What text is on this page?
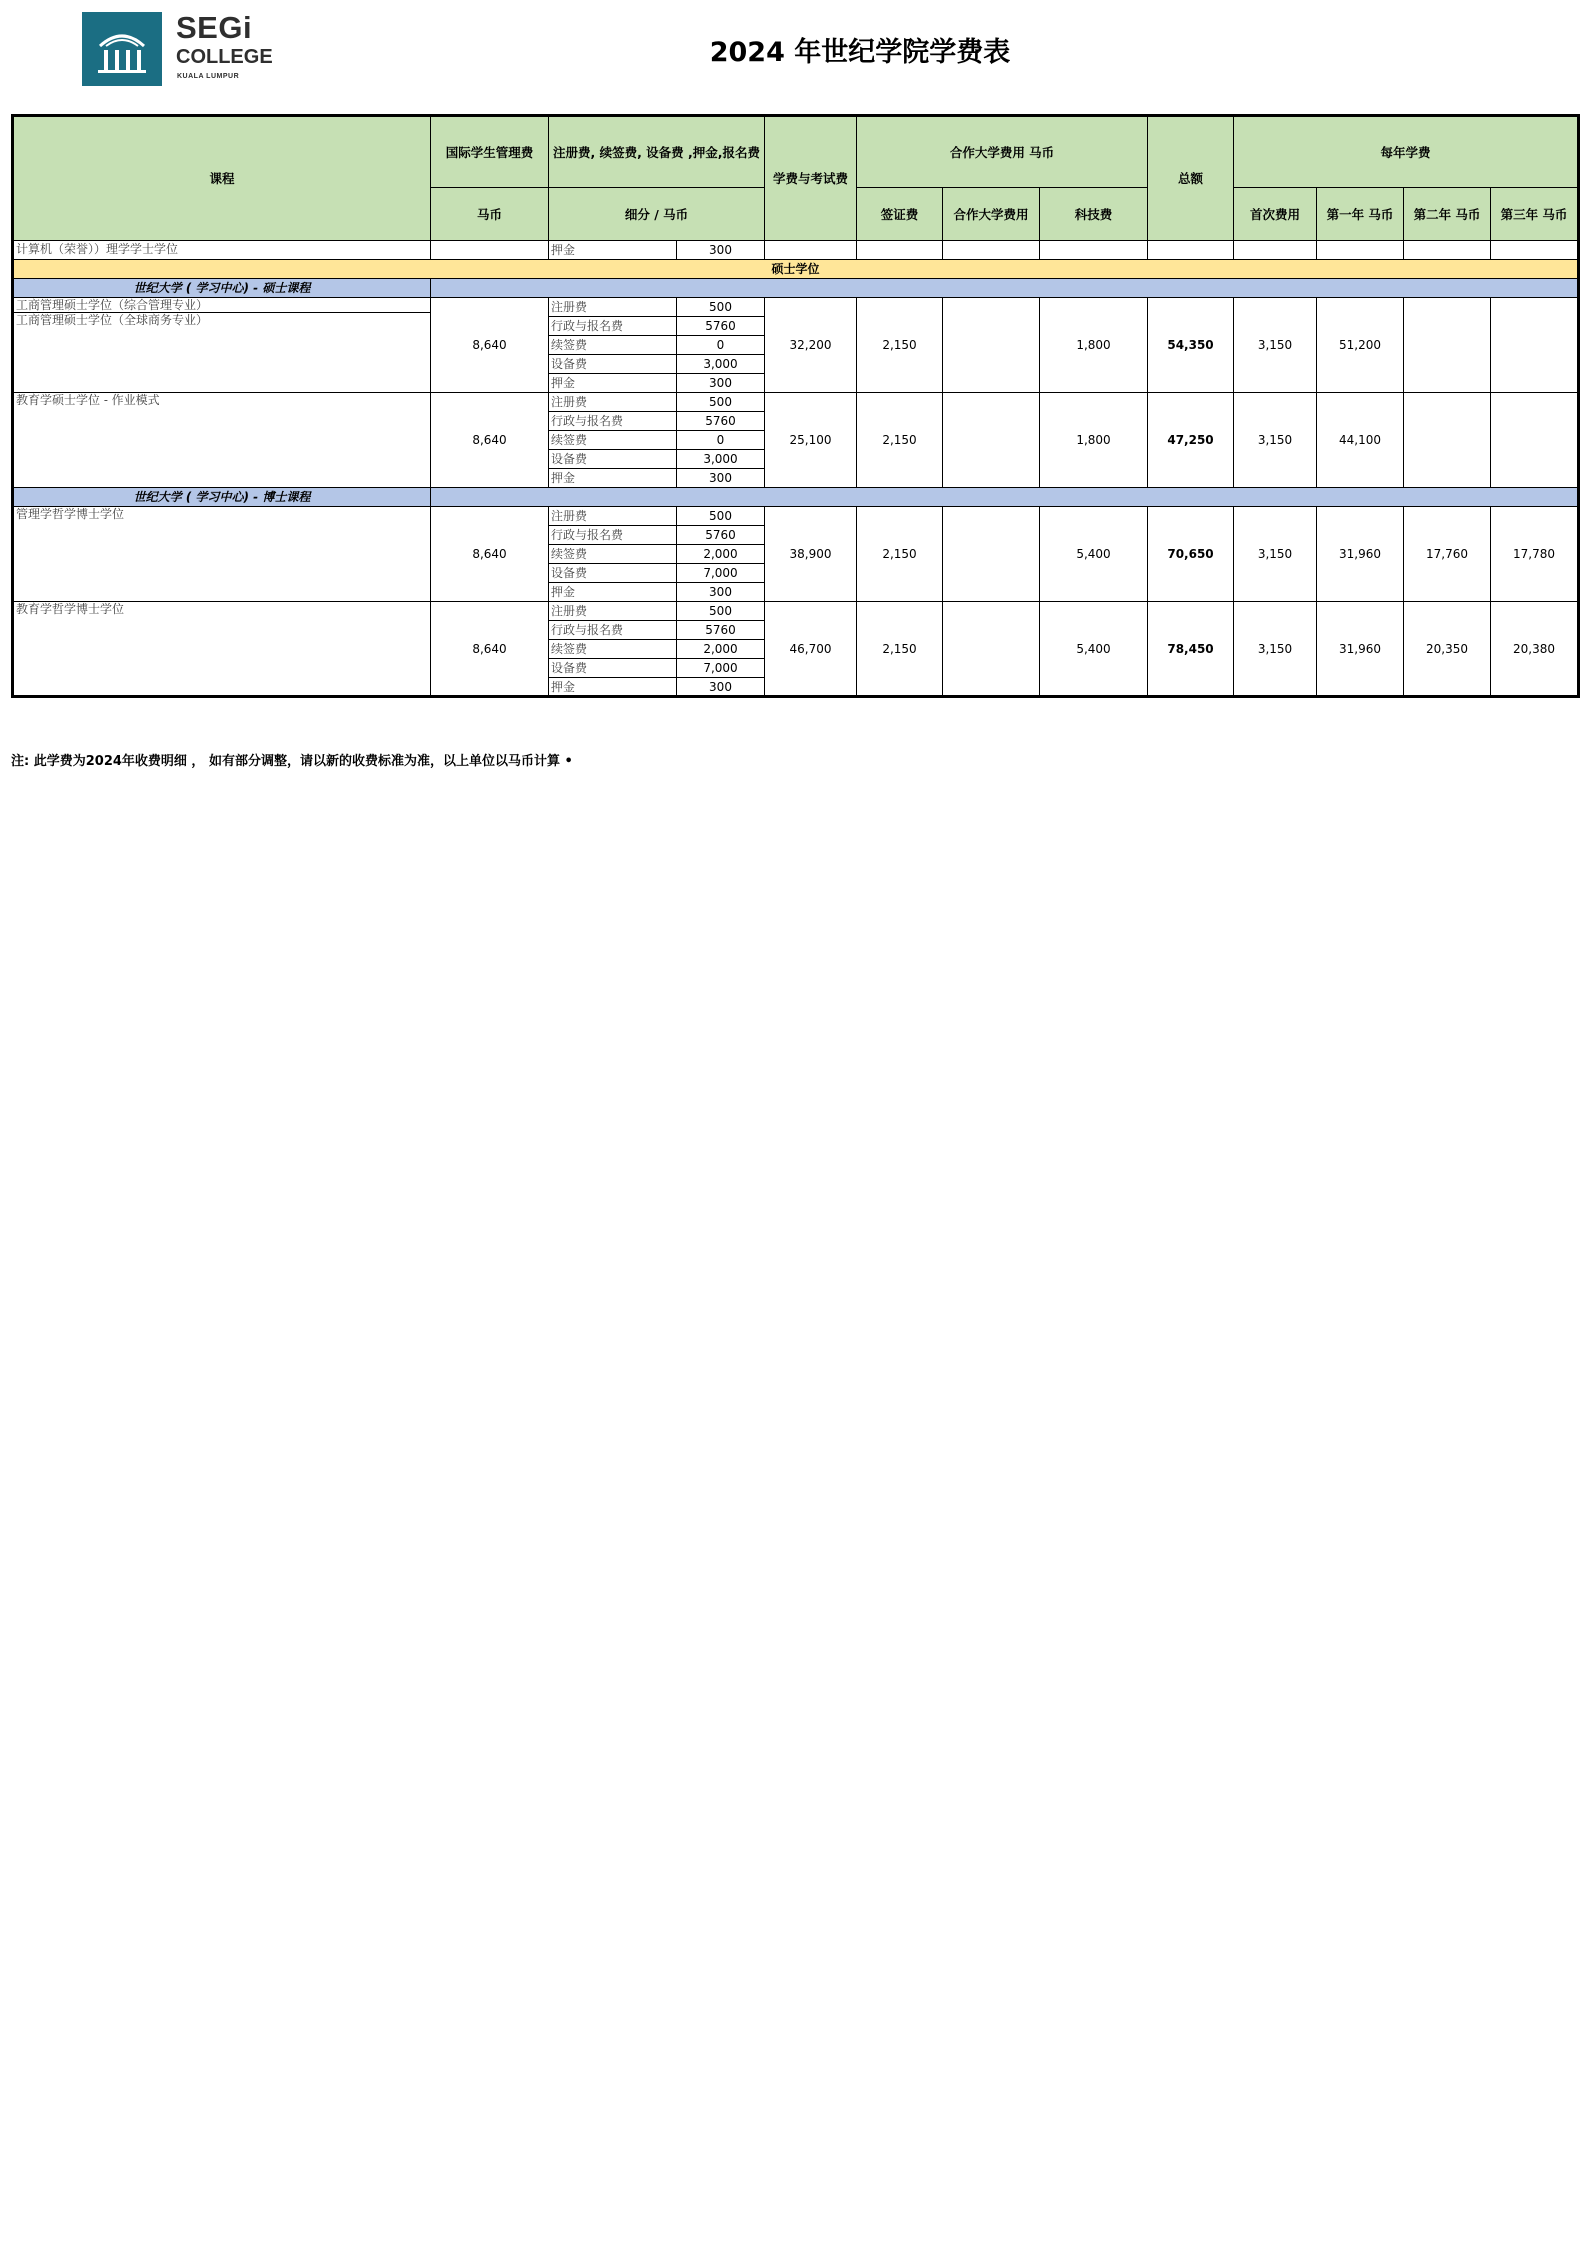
SEGi
COLLEGE
KUALA LUMPUR
2024 年世纪学院学费表
课程	国际学生管理费	注册费, 续签费, 设备费 ,押金,报名费		学费与考试费	合作大学费用 马币			总额	每年学费			
	马币	细分 / 马币			签证费	合作大学费用	科技费		首次费用	第一年 马币	第二年 马币	第三年 马币
计算机（荣誉））理学学士学位		押金	300									
硕士学位												
世纪大学 ( 学习中心) - 硕士课程												

工商管理硕士学位（综合管理专业）
工商管理硕士学位（全球商务专业）	8,640	注册费	500	32,200	2,150		1,800	54,350	3,150	51,200		
		行政与报名费	5760									
		续签费	0									
		设备费	3,000									
		押金	300									
教育学硕士学位 - 作业模式	8,640	注册费	500	25,100	2,150		1,800	47,250	3,150	44,100		
		行政与报名费	5760									
		续签费	0									
		设备费	3,000									
		押金	300									
世纪大学 ( 学习中心) - 博士课程												
管理学哲学博士学位	8,640	注册费	500	38,900	2,150		5,400	70,650	3,150	31,960	17,760	17,780
		行政与报名费	5760									
		续签费	2,000									
		设备费	7,000									
		押金	300									
教育学哲学博士学位	8,640	注册费	500	46,700	2,150		5,400	78,450	3,150	31,960	20,350	20,380
		行政与报名费	5760									
		续签费	2,000									
		设备费	7,000									
		押金	300									
注: 此学费为2024年收费明细 ， 如有部分调整，请以新的收费标准为准，以上单位以马币计算 •
